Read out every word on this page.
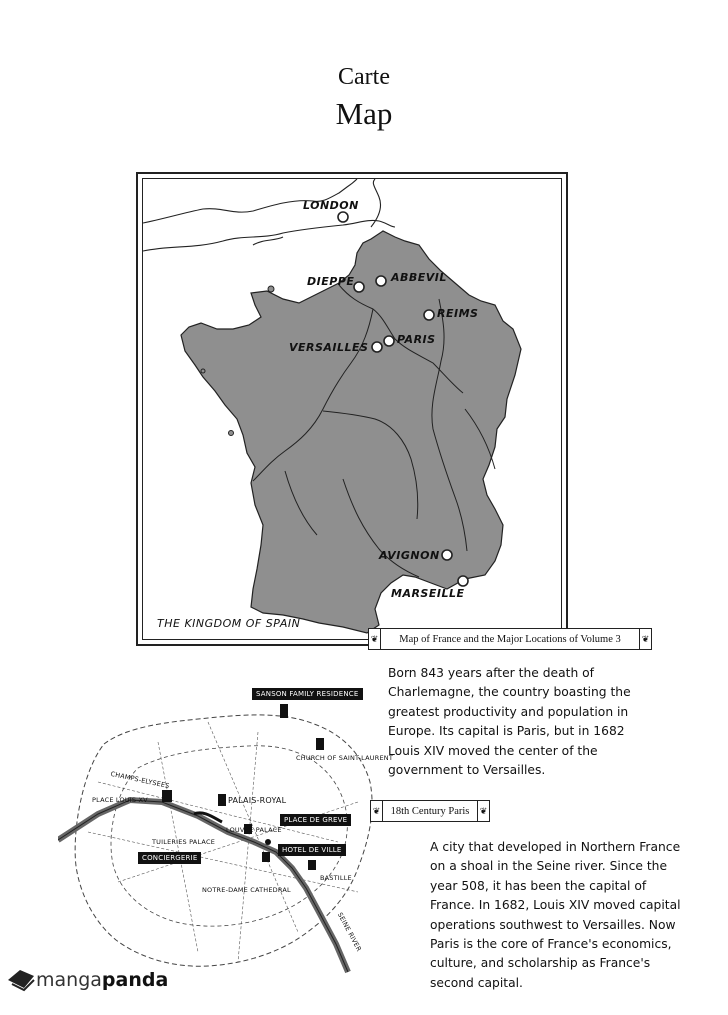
Carte
Map
LONDON
DIEPPE	ABBEVIL
REIMS
PARIS
VERSAILLES
AVIGNON
MARSEILLE
THE KINGDOM OF SPAIN
❦	Map of France and the Major Locations of Volume 3	❦
Born 843 years after the death of
Charlemagne, the country boasting the
greatest productivity and population in
Europe. Its capital is Paris, but in 1682
Louis XIV moved the center of the
government to Versailles.
SANSON FAMILY RESIDENCE
CHURCH OF SAINT-LAURENT
CHAMPS-ELYSEES
PLACE LOUIS XV	PALAIS-ROYAL
PLACE DE GREVE
LOUVRE PALACE
TUILERIES PALACE
HOTEL DE VILLE
CONCIERGERIE
BASTILLE
NOTRE-DAME CATHEDRAL
SEINE RIVER
❦ 18th Century Paris	❦
A city that developed in Northern France
on a shoal in the Seine river. Since the
year 508, it has been the capital of
France. In 1682, Louis XIV moved capital
operations southwest to Versailles. Now
Paris is the core of France's economics,
culture, and scholarship as France's
second capital.
manga panda
